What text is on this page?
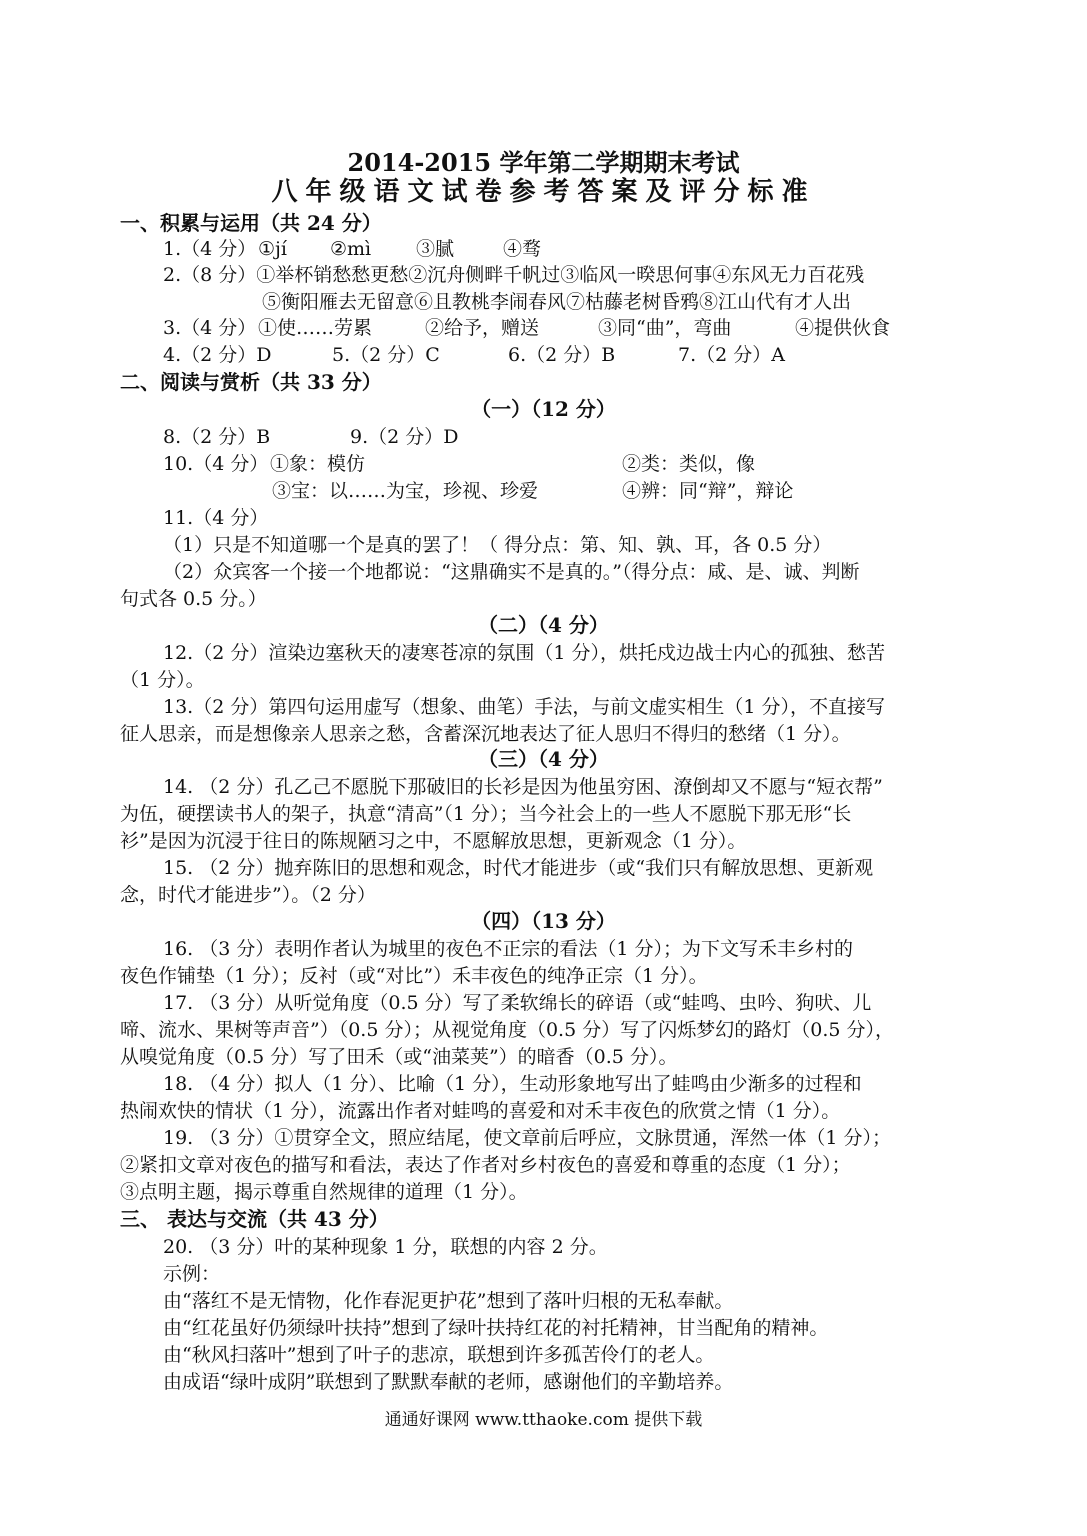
2014-2015 学年第二学期期末考试
八年级语文试卷参考答案及评分标准
一、积累与运用（共 24 分）
1.（4 分） ①jí ②mì ③腻	④骛
2.（8 分）①举杯销愁愁更愁②沉舟侧畔千帆过③临风一暌思何事④东风无力百花残
⑤衡阳雁去无留意⑥且教桃李闹春风⑦枯藤老树昏鸦⑧江山代有才人出
3.（4 分） ①使……劳累	②给予，赠送	③同“曲”，弯曲	④提供伙食
4.（2 分）D	5.（2 分）C	6.（2 分）B	7.（2 分）A
二、阅读与赏析（共 33 分）
（一）（12 分）
8.（2 分）B	9.（2 分）D
10.（4 分） ①象：模仿	②类：类似，像
③宝：以……为宝，珍视、珍爱	④辨：同“辩”，辩论
11.（4 分）
（1）只是不知道哪一个是真的罢了！（ 得分点：第、知、孰、耳，各 0.5 分）
（2）众宾客一个接一个地都说：“这鼎确实不是真的。”（得分点：咸、是、诚、判断
句式各 0.5 分。）
（二）（4 分）
12.（2 分）渲染边塞秋天的凄寒苍凉的氛围（1 分），烘托戍边战士内心的孤独、愁苦
（1 分）。
13.（2 分）第四句运用虚写（想象、曲笔）手法，与前文虚实相生（1 分），不直接写
征人思亲，而是想像亲人思亲之愁，含蓄深沉地表达了征人思归不得归的愁绪（1 分）。
（三）（4 分）
14. （2 分）孔乙己不愿脱下那破旧的长衫是因为他虽穷困、潦倒却又不愿与“短衣帮”
为伍，硬摆读书人的架子，执意“清高”（1 分）；当今社会上的一些人不愿脱下那无形“长
衫”是因为沉浸于往日的陈规陋习之中，不愿解放思想，更新观念（1 分）。
15. （2 分）抛弃陈旧的思想和观念，时代才能进步（或“我们只有解放思想、更新观
念，时代才能进步”）。（2 分）
（四）（13 分）
16. （3 分）表明作者认为城里的夜色不正宗的看法（1 分）；为下文写禾丰乡村的
夜色作铺垫（1 分）；反衬（或“对比”）禾丰夜色的纯净正宗（1 分）。
17. （3 分）从听觉角度（0.5 分）写了柔软绵长的碎语（或“蛙鸣、虫吟、狗吠、儿
啼、流水、果树等声音”）（0.5 分）；从视觉角度（0.5 分）写了闪烁梦幻的路灯（0.5 分），
从嗅觉角度（0.5 分）写了田禾（或“油菜荚”）的暗香（0.5 分）。
18. （4 分）拟人（1 分）、比喻（1 分），生动形象地写出了蛙鸣由少渐多的过程和
热闹欢快的情状（1 分），流露出作者对蛙鸣的喜爱和对禾丰夜色的欣赏之情（1 分）。
19. （3 分）①贯穿全文，照应结尾，使文章前后呼应，文脉贯通，浑然一体（1 分）；
②紧扣文章对夜色的描写和看法，表达了作者对乡村夜色的喜爱和尊重的态度（1 分）；
③点明主题，揭示尊重自然规律的道理（1 分）。
三、 表达与交流（共 43 分）
20. （3 分）叶的某种现象 1 分，联想的内容 2 分。
示例：
由“落红不是无情物，化作春泥更护花”想到了落叶归根的无私奉献。
由“红花虽好仍须绿叶扶持”想到了绿叶扶持红花的衬托精神，甘当配角的精神。
由“秋风扫落叶”想到了叶子的悲凉，联想到许多孤苦伶仃的老人。
由成语“绿叶成阴”联想到了默默奉献的老师，感谢他们的辛勤培养。
通通好课网 www.tthaoke.com 提供下载
